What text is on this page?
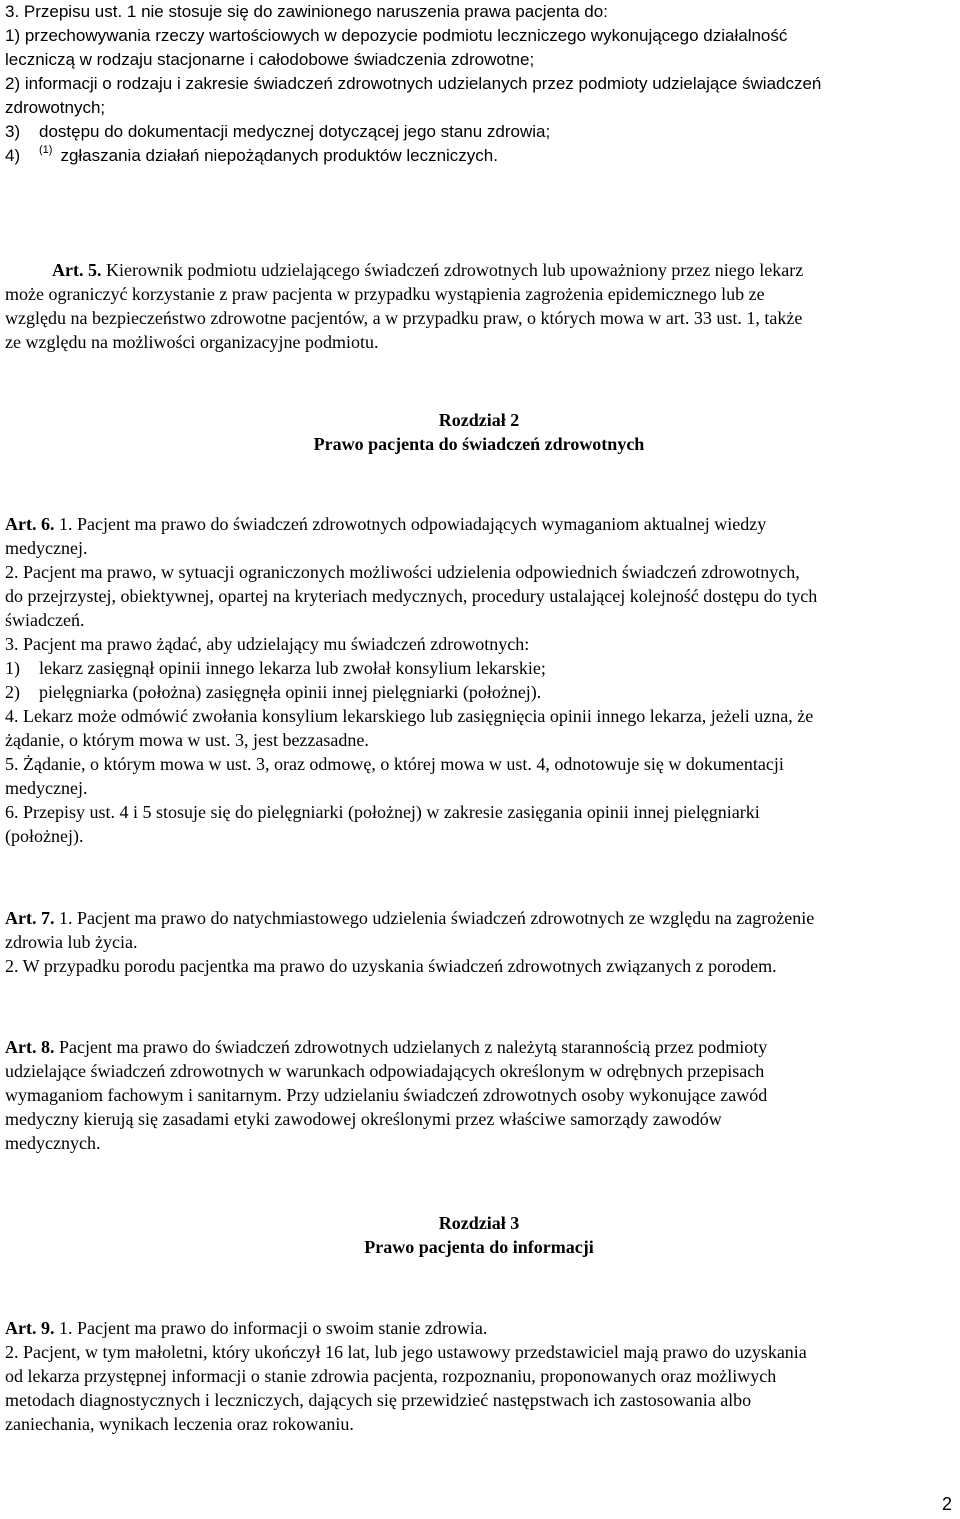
3. Przepisu ust. 1 nie stosuje się do zawinionego naruszenia prawa pacjenta do:
1) przechowywania rzeczy wartościowych w depozycie podmiotu leczniczego wykonującego działalność
leczniczą w rodzaju stacjonarne i całodobowe świadczenia zdrowotne;
2) informacji o rodzaju i zakresie świadczeń zdrowotnych udzielanych przez podmioty udzielające świadczeń
zdrowotnych;
3) dostępu do dokumentacji medycznej dotyczącej jego stanu zdrowia;
4) $^{(1)}$ zgłaszania działań niepożądanych produktów leczniczych.
Art. 5. Kierownik podmiotu udzielającego świadczeń zdrowotnych lub upoważniony przez niego lekarz
może ograniczyć korzystanie z praw pacjenta w przypadku wystąpienia zagrożenia epidemicznego lub ze
względu na bezpieczeństwo zdrowotne pacjentów, a w przypadku praw, o których mowa w art. 33 ust. 1, także
ze względu na możliwości organizacyjne podmiotu.
Rozdział 2
Prawo pacjenta do świadczeń zdrowotnych
Art. 6. 1. Pacjent ma prawo do świadczeń zdrowotnych odpowiadających wymaganiom aktualnej wiedzy
medycznej.
2. Pacjent ma prawo, w sytuacji ograniczonych możliwości udzielenia odpowiednich świadczeń zdrowotnych,
do przejrzystej, obiektywnej, opartej na kryteriach medycznych, procedury ustalającej kolejność dostępu do tych
świadczeń.
3. Pacjent ma prawo żądać, aby udzielający mu świadczeń zdrowotnych:
1) lekarz zasięgnął opinii innego lekarza lub zwołał konsylium lekarskie;
2) pielęgniarka (położna) zasięgnęła opinii innej pielęgniarki (położnej).
4. Lekarz może odmówić zwołania konsylium lekarskiego lub zasięgnięcia opinii innego lekarza, jeżeli uzna, że
żądanie, o którym mowa w ust. 3, jest bezzasadne.
5. Żądanie, o którym mowa w ust. 3, oraz odmowę, o której mowa w ust. 4, odnotowuje się w dokumentacji
medycznej.
6. Przepisy ust. 4 i 5 stosuje się do pielęgniarki (położnej) w zakresie zasięgania opinii innej pielęgniarki
(położnej).
Art. 7. 1. Pacjent ma prawo do natychmiastowego udzielenia świadczeń zdrowotnych ze względu na zagrożenie
zdrowia lub życia.
2. W przypadku porodu pacjentka ma prawo do uzyskania świadczeń zdrowotnych związanych z porodem.
Art. 8. Pacjent ma prawo do świadczeń zdrowotnych udzielanych z należytą starannością przez podmioty
udzielające świadczeń zdrowotnych w warunkach odpowiadających określonym w odrębnych przepisach
wymaganiom fachowym i sanitarnym. Przy udzielaniu świadczeń zdrowotnych osoby wykonujące zawód
medyczny kierują się zasadami etyki zawodowej określonymi przez właściwe samorządy zawodów
medycznych.
Rozdział 3
Prawo pacjenta do informacji
Art. 9. 1. Pacjent ma prawo do informacji o swoim stanie zdrowia.
2. Pacjent, w tym małoletni, który ukończył 16 lat, lub jego ustawowy przedstawiciel mają prawo do uzyskania
od lekarza przystępnej informacji o stanie zdrowia pacjenta, rozpoznaniu, proponowanych oraz możliwych
metodach diagnostycznych i leczniczych, dających się przewidzieć następstwach ich zastosowania albo
zaniechania, wynikach leczenia oraz rokowaniu.
2
